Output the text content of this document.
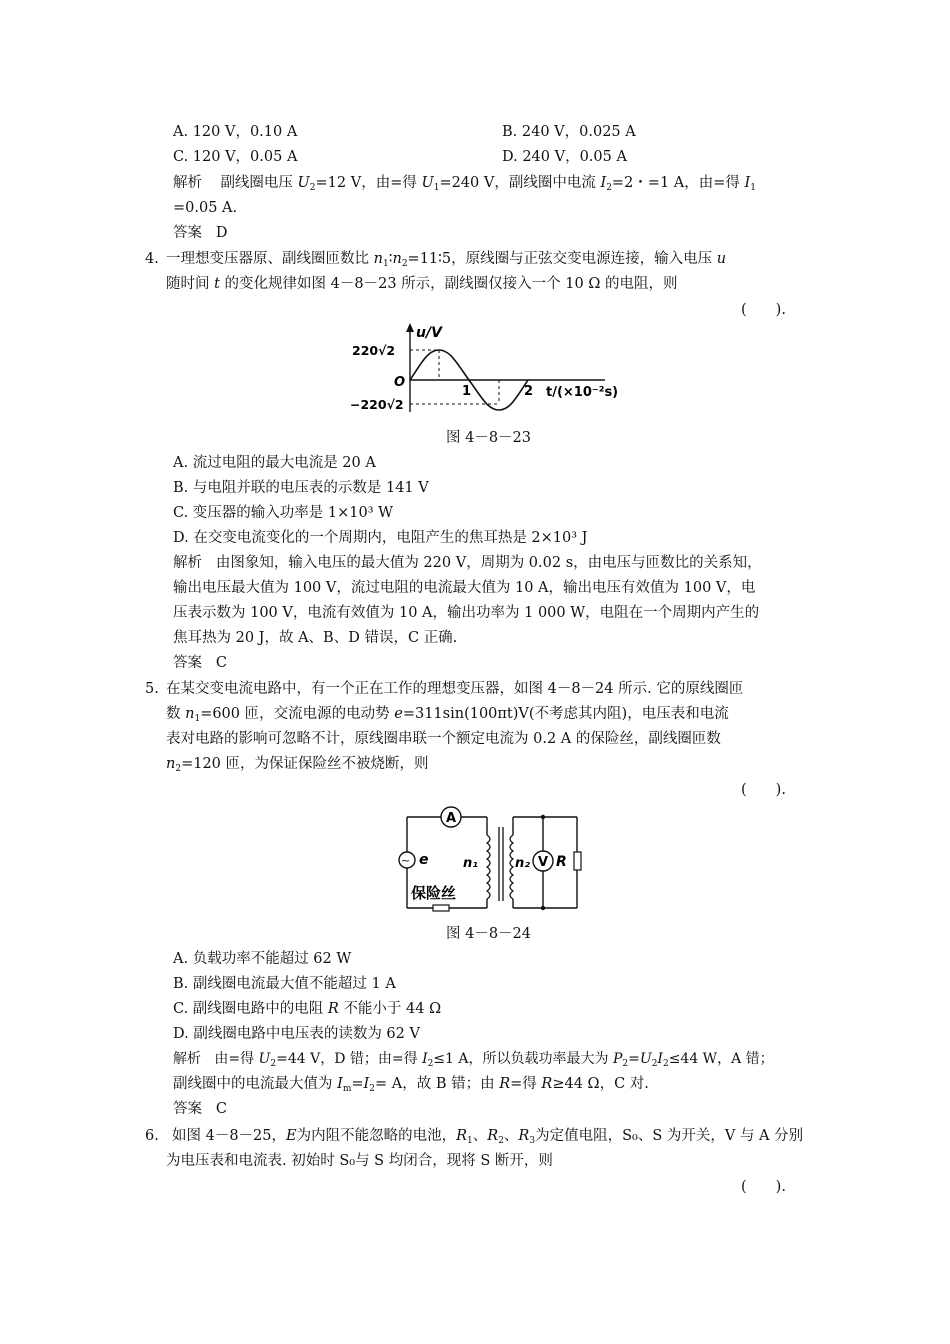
A. 120 V，0.10 A	B. 240 V，0.025 A
C. 120 V，0.05 A	D. 240 V，0.05 A
解析 副线圈电压 $U_2=12$ V，由=得 $U_1=240$ V，副线圈中电流 $I_2=2$・=1 A，由=得 $I_1$
=0.05 A.
答案 D
4. 一理想变压器原、副线圈匝数比 $n_1∶n_2=11∶5$，原线圈与正弦交变电源连接，输入电压 u
随时间 t 的变化规律如图 4－8－23 所示，副线圈仅接入一个 10 Ω 的电阻，则
(　　).
u/V
220√2
O
−220√2
1	2 t/(×10⁻²s)
图 4－8－23
A. 流过电阻的最大电流是 20 A
B. 与电阻并联的电压表的示数是 141 V
C. 变压器的输入功率是 1×10³ W
D. 在交变电流变化的一个周期内，电阻产生的焦耳热是 2×10³ J
解析 由图象知，输入电压的最大值为 220 V，周期为 0.02 s，由电压与匝数比的关系知，
输出电压最大值为 100 V，流过电阻的电流最大值为 10 A，输出电压有效值为 100 V，电
压表示数为 100 V，电流有效值为 10 A，输出功率为 1 000 W，电阻在一个周期内产生的
焦耳热为 20 J，故 A、B、D 错误，C 正确.
答案 C
5. 在某交变电流电路中，有一个正在工作的理想变压器，如图 4－8－24 所示. 它的原线圈匝
数 $n_1=600$ 匝，交流电源的电动势 e=311sin(100πt)V(不考虑其内阻)，电压表和电流
表对电路的影响可忽略不计，原线圈串联一个额定电流为 0.2 A 的保险丝，副线圈匝数
$n_2=120$ 匝，为保证保险丝不被烧断，则
(　　).
A
~ e
保险丝
n₁	n₂ V R
图 4－8－24
A. 负载功率不能超过 62 W
B. 副线圈电流最大值不能超过 1 A
C. 副线圈电路中的电阻 R 不能小于 44 Ω
D. 副线圈电路中电压表的读数为 62 V
解析 由=得 $U_2=44$ V，D 错；由=得 $I_2\le 1$ A，所以负载功率最大为 $P_2=U_2I_2\le 44$ W，A 错；
副线圈中的电流最大值为 $I_m=I_2= A$，故 B 错；由 R=得 R≥44 Ω，C 对.
答案 C
6. 如图 4－8－25，E为内阻不能忽略的电池，$R_1$、$R_2$、$R_3$为定值电阻，S₀、S 为开关，V 与 A 分别
为电压表和电流表. 初始时 S₀与 S 均闭合，现将 S 断开，则
(　　).
